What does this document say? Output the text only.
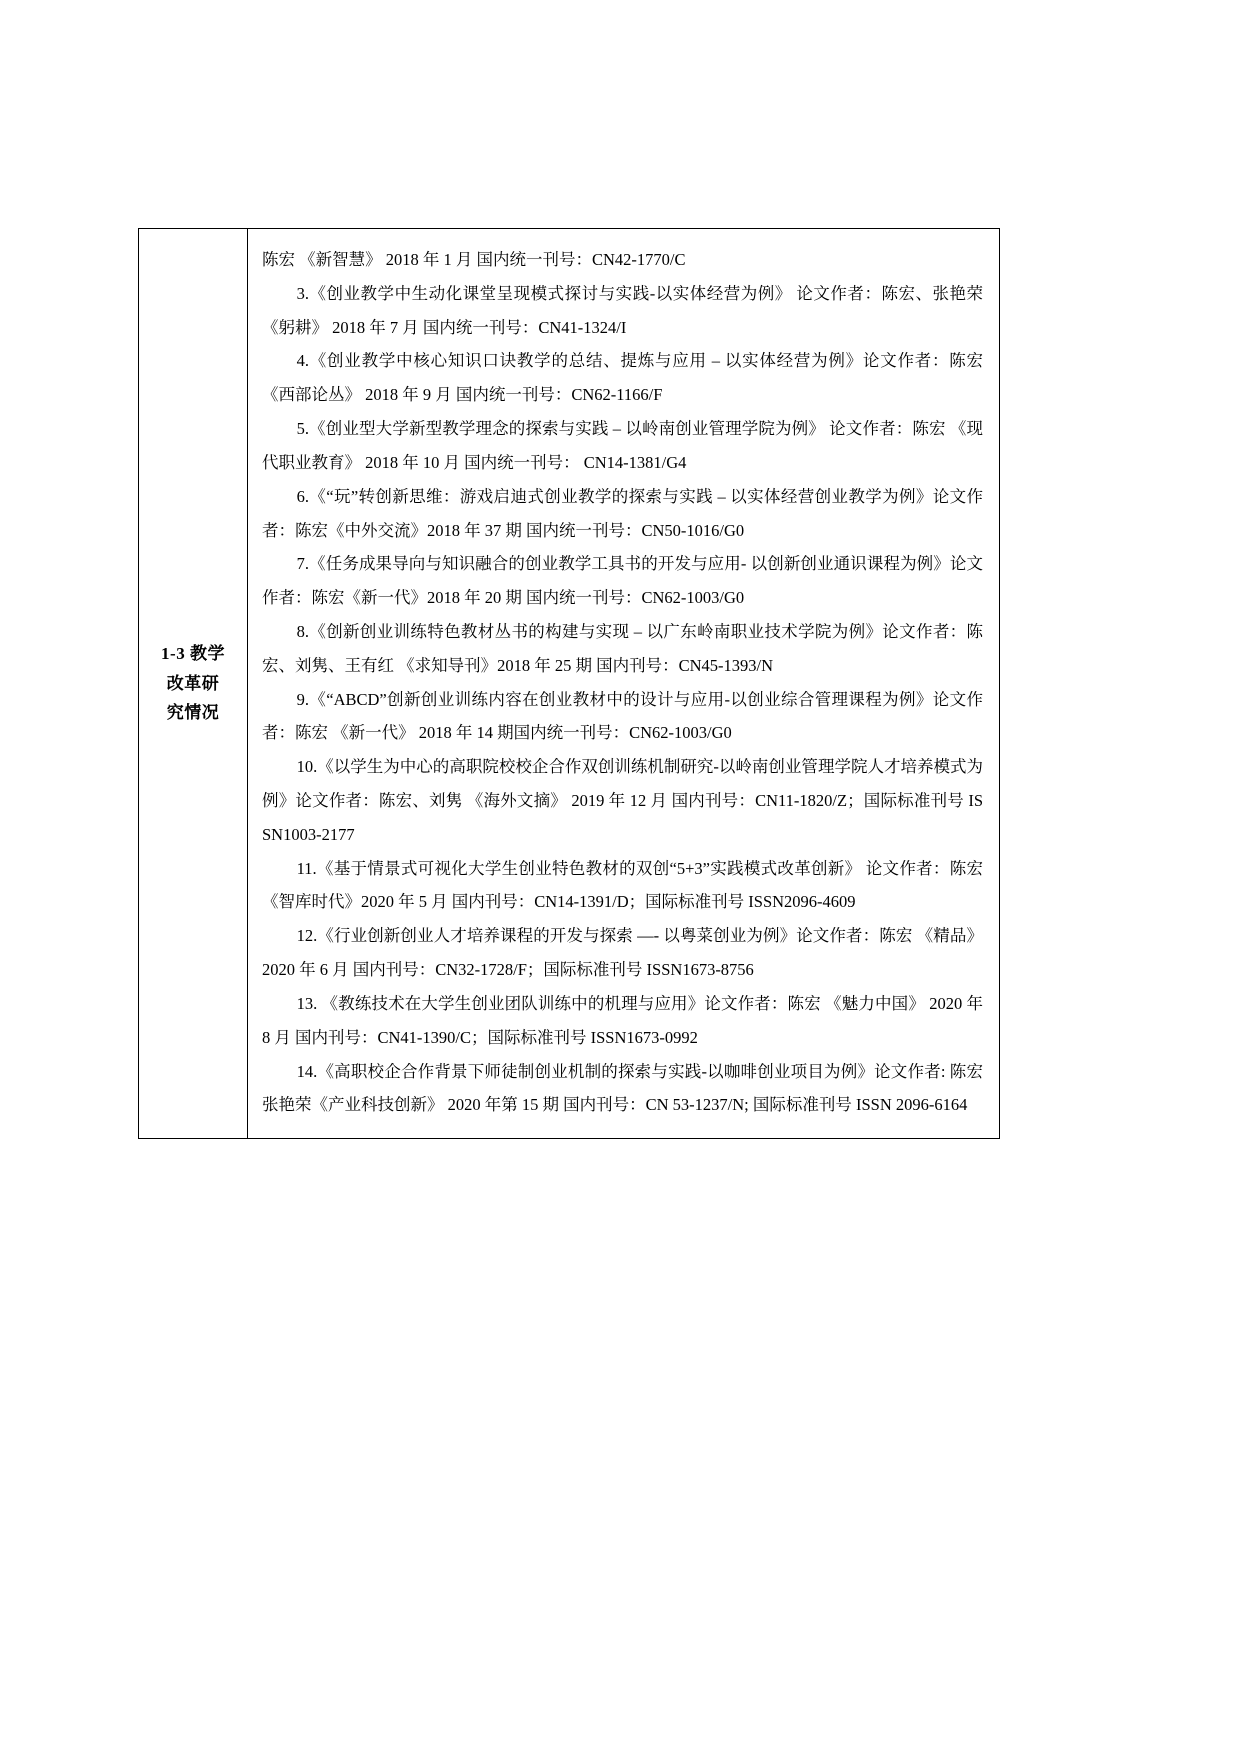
1-3 教学
改革研
究情况

陈宏 《新智慧》 2018 年 1 月 国内统一刊号：CN42-1770/C

3.《创业教学中生动化课堂呈现模式探讨与实践-以实体经营为例》 论文作者：陈宏、张艳荣 《躬耕》 2018 年 7 月 国内统一刊号：CN41-1324/I

4.《创业教学中核心知识口诀教学的总结、提炼与应用 – 以实体经营为例》论文作者：陈宏 《西部论丛》 2018 年 9 月 国内统一刊号：CN62-1166/F

5.《创业型大学新型教学理念的探索与实践 – 以岭南创业管理学院为例》 论文作者：陈宏 《现代职业教育》 2018 年 10 月 国内统一刊号： CN14-1381/G4

6.《“玩”转创新思维：游戏启迪式创业教学的探索与实践 – 以实体经营创业教学为例》论文作者：陈宏《中外交流》2018 年 37 期 国内统一刊号：CN50-1016/G0

7.《任务成果导向与知识融合的创业教学工具书的开发与应用- 以创新创业通识课程为例》论文作者：陈宏《新一代》2018 年 20 期 国内统一刊号：CN62-1003/G0

8.《创新创业训练特色教材丛书的构建与实现 – 以广东岭南职业技术学院为例》论文作者：陈宏、刘隽、王有红 《求知导刊》2018 年 25 期 国内刊号：CN45-1393/N

9.《“ABCD”创新创业训练内容在创业教材中的设计与应用-以创业综合管理课程为例》论文作者：陈宏 《新一代》 2018 年 14 期国内统一刊号：CN62-1003/G0

10.《以学生为中心的高职院校校企合作双创训练机制研究-以岭南创业管理学院人才培养模式为例》论文作者：陈宏、刘隽 《海外文摘》 2019 年 12 月 国内刊号：CN11-1820/Z；国际标准刊号 ISSN1003-2177

11.《基于情景式可视化大学生创业特色教材的双创“5+3”实践模式改革创新》 论文作者：陈宏 《智库时代》2020 年 5 月 国内刊号：CN14-1391/D；国际标准刊号 ISSN2096-4609

12.《行业创新创业人才培养课程的开发与探索 —- 以粤菜创业为例》论文作者：陈宏 《精品》2020 年 6 月 国内刊号：CN32-1728/F；国际标准刊号 ISSN1673-8756

13. 《教练技术在大学生创业团队训练中的机理与应用》论文作者：陈宏 《魅力中国》 2020 年 8 月 国内刊号：CN41-1390/C；国际标准刊号 ISSN1673-0992

14.《高职校企合作背景下师徒制创业机制的探索与实践-以咖啡创业项目为例》论文作者: 陈宏 张艳荣《产业科技创新》 2020 年第 15 期 国内刊号：CN 53-1237/N; 国际标准刊号 ISSN 2096-6164
